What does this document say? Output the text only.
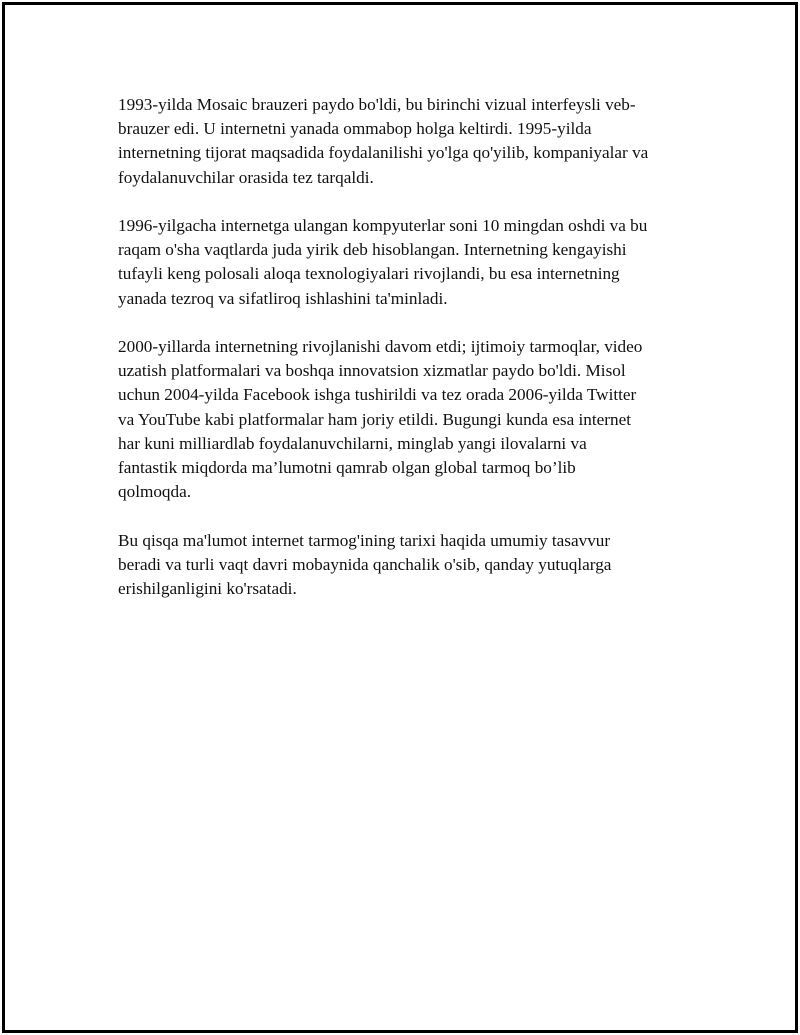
1993-yilda Mosaic brauzeri paydo bo'ldi, bu birinchi vizual interfeysli veb-
brauzer edi. U internetni yanada ommabop holga keltirdi. 1995-yilda
internetning tijorat maqsadida foydalanilishi yo'lga qo'yilib, kompaniyalar va
foydalanuvchilar orasida tez tarqaldi.

1996-yilgacha internetga ulangan kompyuterlar soni 10 mingdan oshdi va bu
raqam o'sha vaqtlarda juda yirik deb hisoblangan. Internetning kengayishi
tufayli keng polosali aloqa texnologiyalari rivojlandi, bu esa internetning
yanada tezroq va sifatliroq ishlashini ta'minladi.

2000-yillarda internetning rivojlanishi davom etdi; ijtimoiy tarmoqlar, video
uzatish platformalari va boshqa innovatsion xizmatlar paydo bo'ldi. Misol
uchun 2004-yilda Facebook ishga tushirildi va tez orada 2006-yilda Twitter
va YouTube kabi platformalar ham joriy etildi. Bugungi kunda esa internet
har kuni milliardlab foydalanuvchilarni, minglab yangi ilovalarni va
fantastik miqdorda ma’lumotni qamrab olgan global tarmoq bo’lib
qolmoqda.

Bu qisqa ma'lumot internet tarmog'ining tarixi haqida umumiy tasavvur
beradi va turli vaqt davri mobaynida qanchalik o'sib, qanday yutuqlarga
erishilganligini ko'rsatadi.
